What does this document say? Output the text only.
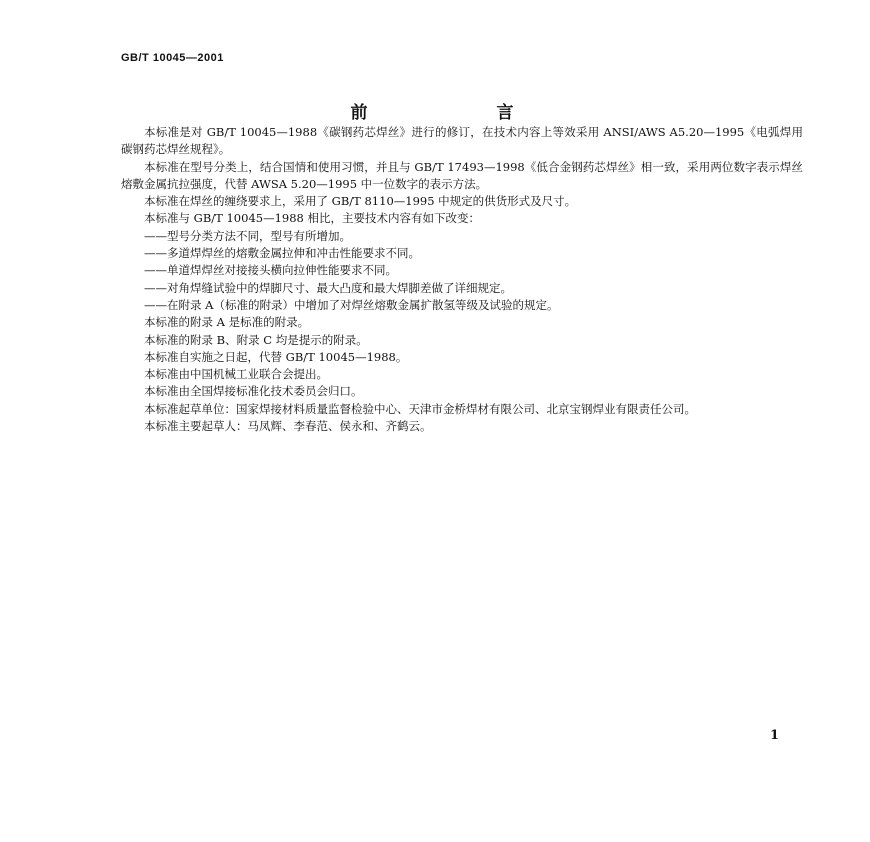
GB/T 10045—2001
前　言

本标准是对 GB/T 10045—1988《碳钢药芯焊丝》进行的修订，在技术内容上等效采用 ANSI/AWS A5.20—1995《电弧焊用碳钢药芯焊丝规程》。

本标准在型号分类上，结合国情和使用习惯，并且与 GB/T 17493—1998《低合金钢药芯焊丝》相一致，采用两位数字表示焊丝熔敷金属抗拉强度，代替 AWSA 5.20—1995 中一位数字的表示方法。

本标准在焊丝的缠绕要求上，采用了 GB/T 8110—1995 中规定的供货形式及尺寸。

本标准与 GB/T 10045—1988 相比，主要技术内容有如下改变：

——型号分类方法不同，型号有所增加。

——多道焊焊丝的熔敷金属拉伸和冲击性能要求不同。

——单道焊焊丝对接接头横向拉伸性能要求不同。

——对角焊缝试验中的焊脚尺寸、最大凸度和最大焊脚差做了详细规定。

——在附录 A（标准的附录）中增加了对焊丝熔敷金属扩散氢等级及试验的规定。

本标准的附录 A 是标准的附录。

本标准的附录 B、附录 C 均是提示的附录。

本标准自实施之日起，代替 GB/T 10045—1988。

本标准由中国机械工业联合会提出。

本标准由全国焊接标准化技术委员会归口。

本标准起草单位：国家焊接材料质量监督检验中心、天津市金桥焊材有限公司、北京宝钢焊业有限责任公司。

本标准主要起草人：马凤辉、李春范、侯永和、齐鹤云。

1
